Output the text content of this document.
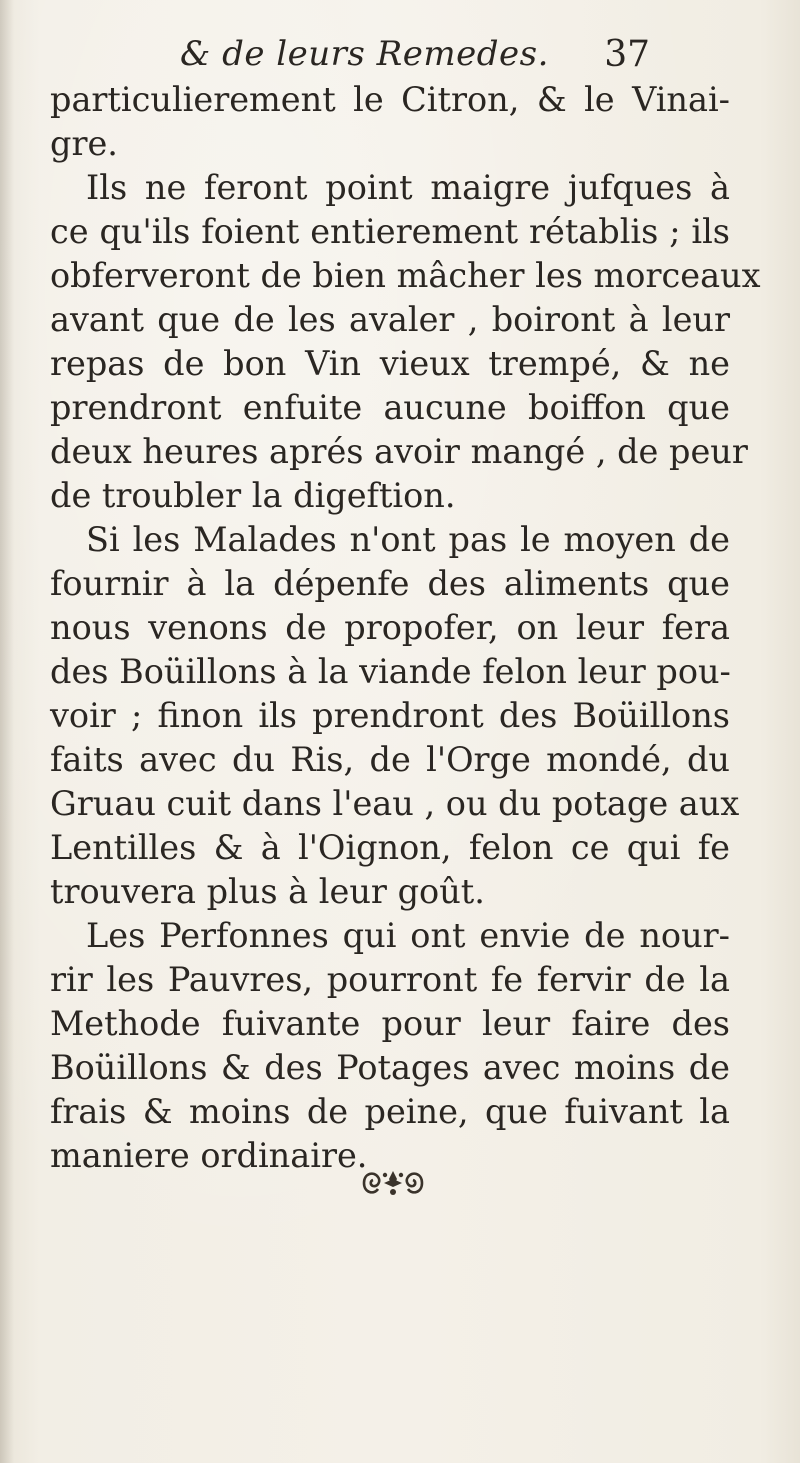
& de leurs Remedes. 37
particulierement le Citron, & le Vinai-
gre.
Ils ne feront point maigre jufques à
ce qu'ils foient entierement rétablis ; ils
obferveront de bien mâcher les morceaux
avant que de les avaler , boiront à leur
repas de bon Vin vieux trempé, & ne
prendront enfuite aucune boiffon que
deux heures aprés avoir mangé , de peur
de troubler la digeftion.
Si les Malades n'ont pas le moyen de
fournir à la dépenfe des aliments que
nous venons de propofer, on leur fera
des Boüillons à la viande felon leur pou-
voir ; finon ils prendront des Boüillons
faits avec du Ris, de l'Orge mondé, du
Gruau cuit dans l'eau , ou du potage aux
Lentilles & à l'Oignon, felon ce qui fe
trouvera plus à leur goût.
Les Perfonnes qui ont envie de nour-
rir les Pauvres, pourront fe fervir de la
Methode fuivante pour leur faire des
Boüillons & des Potages avec moins de
frais & moins de peine, que fuivant la
maniere ordinaire.
